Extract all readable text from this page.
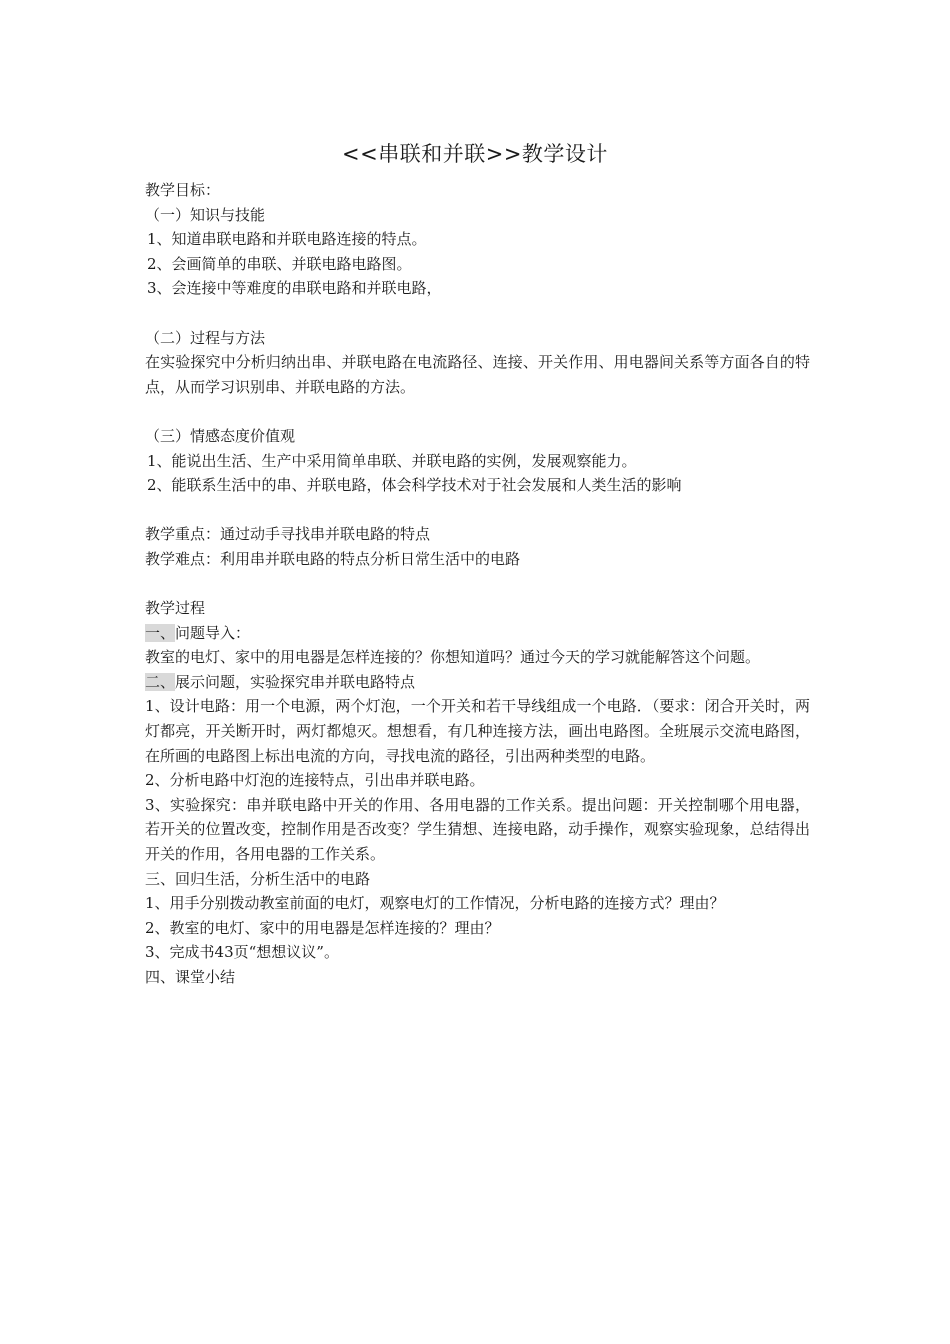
<<串联和并联>>教学设计

教学目标：

（一）知识与技能

1、知道串联电路和并联电路连接的特点。

2、会画简单的串联、并联电路电路图。

3、会连接中等难度的串联电路和并联电路，

（二）过程与方法

在实验探究中分析归纳出串、并联电路在电流路径、连接、开关作用、用电器间关系等方面各自的特点，从而学习识别串、并联电路的方法。

（三）情感态度价值观

1、能说出生活、生产中采用简单串联、并联电路的实例，发展观察能力。

2、能联系生活中的串、并联电路，体会科学技术对于社会发展和人类生活的影响

教学重点：通过动手寻找串并联电路的特点

教学难点：利用串并联电路的特点分析日常生活中的电路

教学过程

一、问题导入：

教室的电灯、家中的用电器是怎样连接的？你想知道吗？通过今天的学习就能解答这个问题。

二、展示问题，实验探究串并联电路特点

1、设计电路：用一个电源，两个灯泡，一个开关和若干导线组成一个电路．（要求：闭合开关时，两灯都亮，开关断开时，两灯都熄灭。想想看，有几种连接方法，画出电路图。全班展示交流电路图，在所画的电路图上标出电流的方向，寻找电流的路径，引出两种类型的电路。

2、分析电路中灯泡的连接特点，引出串并联电路。

3、实验探究：串并联电路中开关的作用、各用电器的工作关系。提出问题：开关控制哪个用电器，若开关的位置改变，控制作用是否改变？学生猜想、连接电路，动手操作，观察实验现象，总结得出开关的作用，各用电器的工作关系。

三、回归生活，分析生活中的电路

1、用手分别拨动教室前面的电灯，观察电灯的工作情况，分析电路的连接方式？理由？

2、教室的电灯、家中的用电器是怎样连接的？理由？

3、完成书43页“想想议议”。

四、课堂小结
